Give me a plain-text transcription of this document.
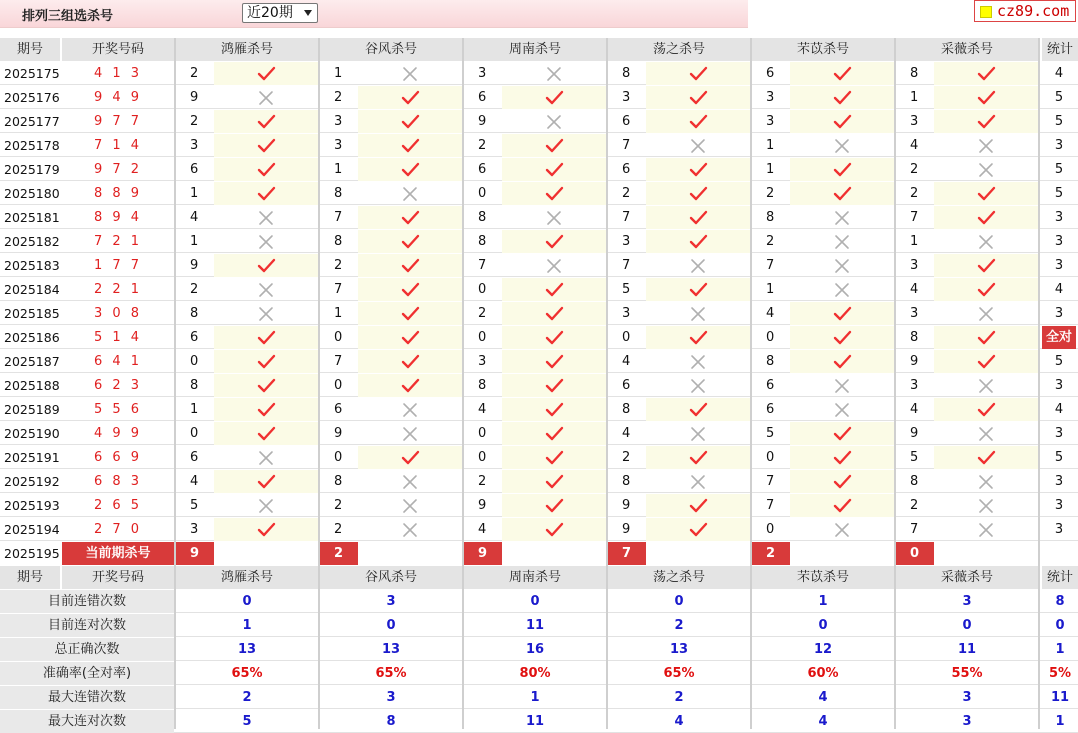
排列三组选杀号	近20期	cz89.com
期号	开奖号码	鸿雁杀号	谷风杀号	周南杀号	荡之杀号	芣苡杀号	采薇杀号	统计
2025175	4 1 3	2	1	3	8	6	8	4
2025176	9 4 9	9	2	6	3	3	1	5
2025177	9 7 7	2	3	9	6	3	3	5
2025178	7 1 4	3	3	2	7	1	4	3
2025179	9 7 2	6	1	6	6	1	2	5
2025180	8 8 9	1	8	0	2	2	2	5
2025181	8 9 4	4	7	8	7	8	7	3
2025182	7 2 1	1	8	8	3	2	1	3
2025183	1 7 7	9	2	7	7	7	3	3
2025184	2 2 1	2	7	0	5	1	4	4
2025185	3 0 8	8	1	2	3	4	3	3
2025186	5 1 4	6	0	0	0	0	8	全对
2025187	6 4 1	0	7	3	4	8	9	5
2025188	6 2 3	8	0	8	6	6	3	3
2025189	5 5 6	1	6	4	8	6	4	4
2025190	4 9 9	0	9	0	4	5	9	3
2025191	6 6 9	6	0	0	2	0	5	5
2025192	6 8 3	4	8	2	8	7	8	3
2025193	2 6 5	5	2	9	9	7	2	3
2025194	2 7 0	3	2	4	9	0	7	3
2025195	当前期杀号	9	2	9	7	2	0
期号	开奖号码	鸿雁杀号	谷风杀号	周南杀号	荡之杀号	芣苡杀号	采薇杀号	统计
目前连错次数	0	3	0	0	1	3	8
目前连对次数	1	0	11	2	0	0	0
总正确次数	13	13	16	13	12	11	1
准确率(全对率)	65%	65%	80%	65%	60%	55%	5%
最大连错次数	2	3	1	2	4	3	11
最大连对次数	5	8	11	4	4	3	1
